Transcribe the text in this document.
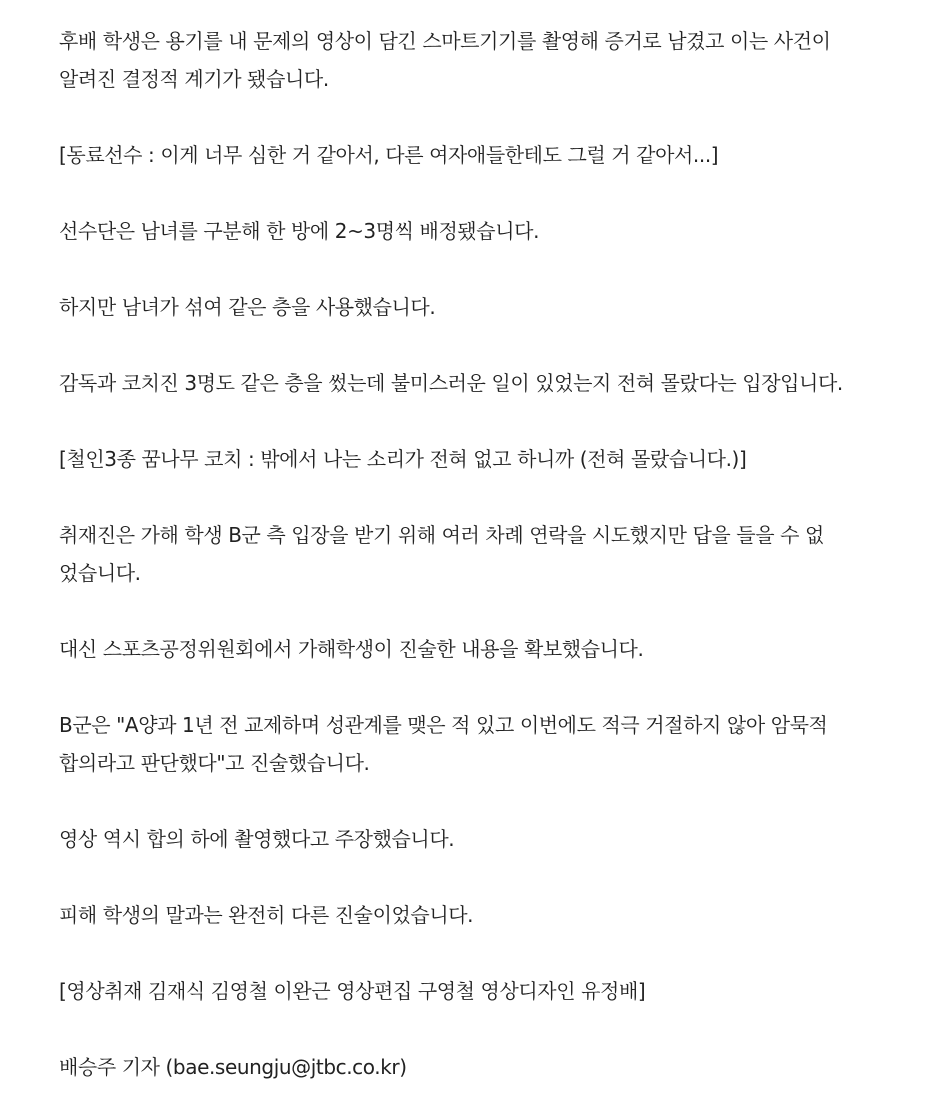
후배 학생은 용기를 내 문제의 영상이 담긴 스마트기기를 촬영해 증거로 남겼고 이는 사건이
알려진 결정적 계기가 됐습니다.

[동료선수 : 이게 너무 심한 거 같아서, 다른 여자애들한테도 그럴 거 같아서...]

선수단은 남녀를 구분해 한 방에 2~3명씩 배정됐습니다.

하지만 남녀가 섞여 같은 층을 사용했습니다.

감독과 코치진 3명도 같은 층을 썼는데 불미스러운 일이 있었는지 전혀 몰랐다는 입장입니다.

[철인3종 꿈나무 코치 : 밖에서 나는 소리가 전혀 없고 하니까 (전혀 몰랐습니다.)]

취재진은 가해 학생 B군 측 입장을 받기 위해 여러 차례 연락을 시도했지만 답을 들을 수 없
었습니다.

대신 스포츠공정위원회에서 가해학생이 진술한 내용을 확보했습니다.

B군은 "A양과 1년 전 교제하며 성관계를 맺은 적 있고 이번에도 적극 거절하지 않아 암묵적
합의라고 판단했다"고 진술했습니다.

영상 역시 합의 하에 촬영했다고 주장했습니다.

피해 학생의 말과는 완전히 다른 진술이었습니다.

[영상취재 김재식 김영철 이완근 영상편집 구영철 영상디자인 유정배]

배승주 기자 (bae.seungju@jtbc.co.kr)
